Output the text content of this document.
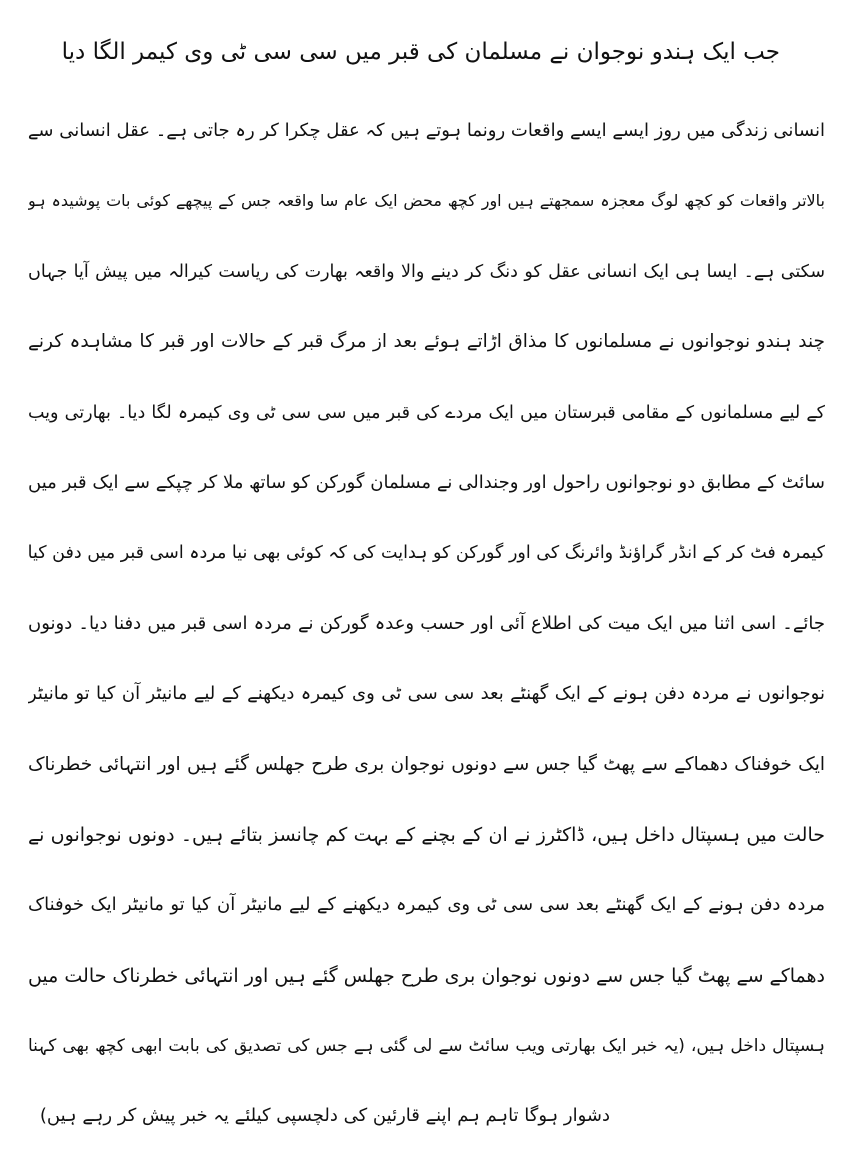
جب ایک ہندو نوجوان نے مسلمان کی قبر میں سی سی ٹی وی کیمر الگا دیا
انسانی زندگی میں روز ایسے ایسے واقعات رونما ہوتے ہیں کہ عقل چکرا کر رہ جاتی ہے۔ عقل انسانی سے
بالاتر واقعات کو کچھ لوگ معجزہ سمجھتے ہیں اور کچھ محض ایک عام سا واقعہ جس کے پیچھے کوئی بات پوشیدہ ہو
سکتی ہے۔ ایسا ہی ایک انسانی عقل کو دنگ کر دینے والا واقعہ بھارت کی ریاست کیرالہ میں پیش آیا جہاں
چند ہندو نوجوانوں نے مسلمانوں کا مذاق اڑاتے ہوئے بعد از مرگ قبر کے حالات اور قبر کا مشاہدہ کرنے
کے لیے مسلمانوں کے مقامی قبرستان میں ایک مردے کی قبر میں سی سی ٹی وی کیمرہ لگا دیا۔ بھارتی ویب
سائٹ کے مطابق دو نوجوانوں راحول اور وجندالی نے مسلمان گورکن کو ساتھ ملا کر چپکے سے ایک قبر میں
کیمرہ فٹ کر کے انڈر گراؤنڈ وائرنگ کی اور گورکن کو ہدایت کی کہ کوئی بھی نیا مردہ اسی قبر میں دفن کیا
جائے۔ اسی اثنا میں ایک میت کی اطلاع آئی اور حسب وعدہ گورکن نے مردہ اسی قبر میں دفنا دیا۔ دونوں
نوجوانوں نے مردہ دفن ہونے کے ایک گھنٹے بعد سی سی ٹی وی کیمرہ دیکھنے کے لیے مانیٹر آن کیا تو مانیٹر
ایک خوفناک دھماکے سے پھٹ گیا جس سے دونوں نوجوان بری طرح جھلس گئے ہیں اور انتہائی خطرناک
حالت میں ہسپتال داخل ہیں، ڈاکٹرز نے ان کے بچنے کے بہت کم چانسز بتائے ہیں۔ دونوں نوجوانوں نے
مردہ دفن ہونے کے ایک گھنٹے بعد سی سی ٹی وی کیمرہ دیکھنے کے لیے مانیٹر آن کیا تو مانیٹر ایک خوفناک
دھماکے سے پھٹ گیا جس سے دونوں نوجوان بری طرح جھلس گئے ہیں اور انتہائی خطرناک حالت میں
ہسپتال داخل ہیں، (یہ خبر ایک بھارتی ویب سائٹ سے لی گئی ہے جس کی تصدیق کی بابت ابھی کچھ بھی کہنا
دشوار ہوگا تاہم ہم اپنے قارئین کی دلچسپی کیلئے یہ خبر پیش کر رہے ہیں)
